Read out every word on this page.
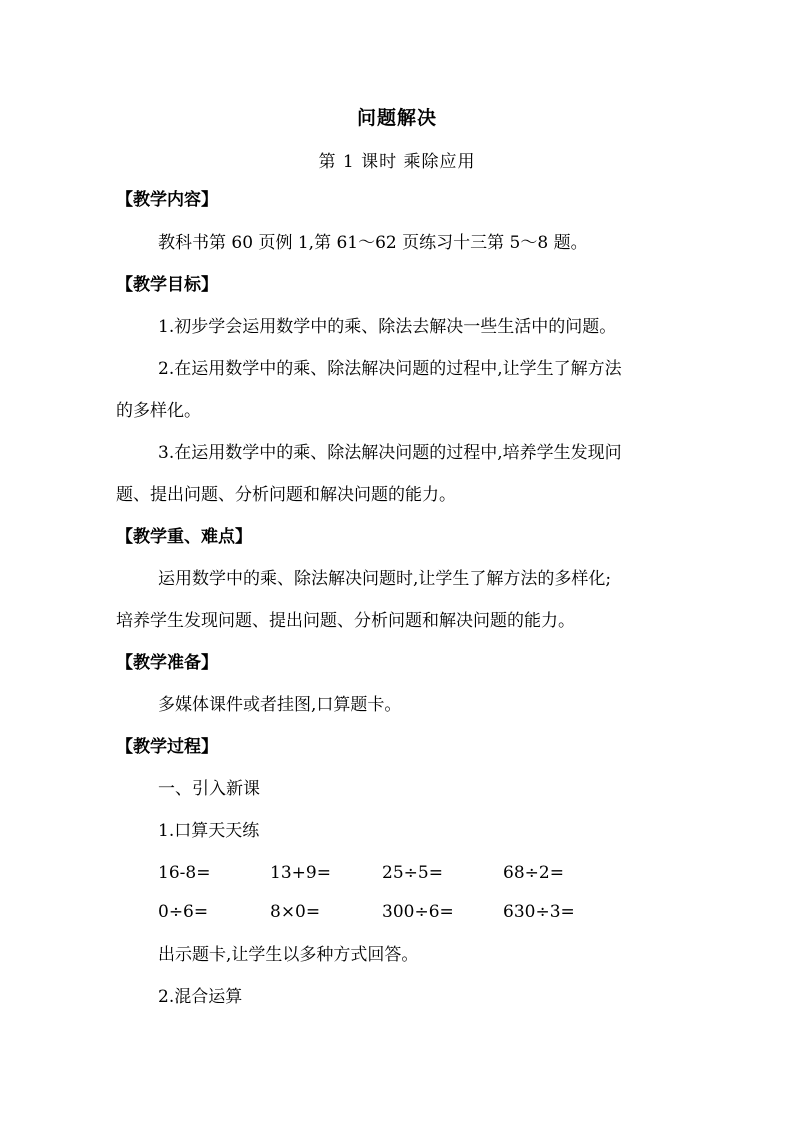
问题解决
第 1 课时 乘除应用
【教学内容】
教科书第 60 页例 1,第 61～62 页练习十三第 5～8 题。
【教学目标】
1.初步学会运用数学中的乘、除法去解决一些生活中的问题。
2.在运用数学中的乘、除法解决问题的过程中,让学生了解方法
的多样化。
3.在运用数学中的乘、除法解决问题的过程中,培养学生发现问
题、提出问题、分析问题和解决问题的能力。
【教学重、难点】
运用数学中的乘、除法解决问题时,让学生了解方法的多样化;
培养学生发现问题、提出问题、分析问题和解决问题的能力。
【教学准备】
多媒体课件或者挂图,口算题卡。
【教学过程】
一、引入新课
1.口算天天练
16-8=	13+9=	25÷5=	68÷2=
0÷6=	8×0=	300÷6=	630÷3=
出示题卡,让学生以多种方式回答。
2.混合运算
